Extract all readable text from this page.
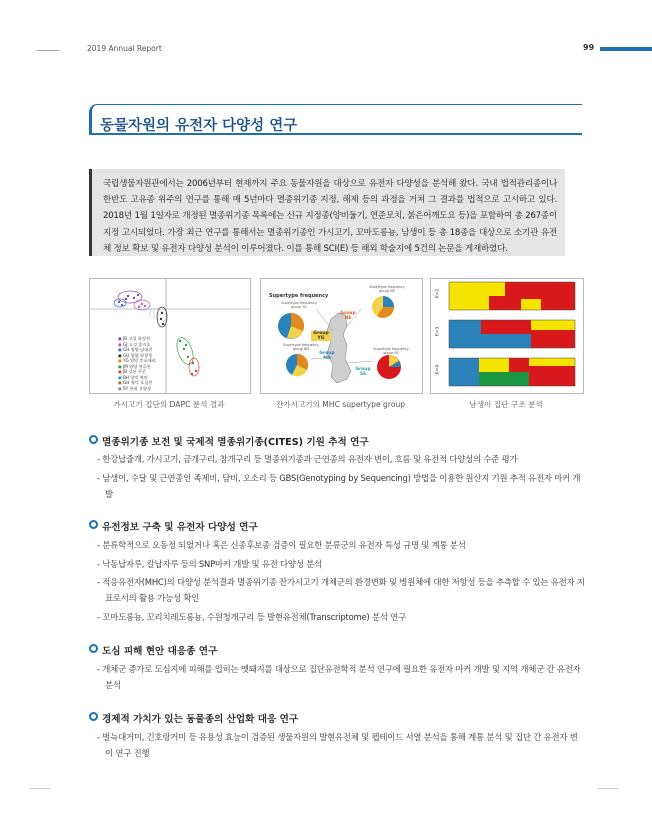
2019 Annual Report	99
동물자원의 유전자 다양성 연구
국립생물자원관에서는 2006년부터 현재까지 주요 동물자원을 대상으로 유전자 다양성을 분석해 왔다. 국내 법적관리종이나 한반도 고유종 위주의 연구를 통해 매 5년마다 멸종위기종 지정, 해제 등의 과정을 거쳐 그 결과를 법적으로 고시하고 있다. 2018년 1월 1일자로 개정된 멸종위기종 목록에는 신규 지정종(양비둘기, 연준모치, 붉은어깨도요 등)을 포함하여 총 267종이 지정 고시되었다. 가장 최근 연구를 통해서는 멸종위기종인 가시고기, 꼬마도롱뇽, 남생이 등 총 18종을 대상으로 소기관 유전체 정보 확보 및 유전자 다양성 분석이 이루어졌다. 이를 통해 SCI(E) 등 해외 학술지에 5건의 논문을 게재하였다.
● JB 고성 하정천
● GJ 고성 송지호
● GH 양양 남대천
● GU 양양 하광정
● YG 양양 후포매리
● JM 양양 연곡천
● JB 강릉 주문
● BH 양악 북악
● GH 영덕 오십천
● SY 용화 오양정
가시고기 집단의 DAPC 분석 결과
Supertype frequency
Supertype frequency group NE
Supertype frequency group YG
Supertype frequency group ND	Supertype frequency group SE
Group NE
Group YG
Group ND
Group SE
잔가시고기의 MHC supertype group
K=2
K=3
K=4
남생이 집단 구조 분석
멸종위기종 보전 및 국제적 멸종위기종(CITES) 기원 추적 연구
- 한강납줄개, 가시고기, 금개구리, 참개구리 등 멸종위기종과 근연종의 유전자 변이, 흐름 및 유전적 다양성의 수준 평가
- 남생이, 수달 및 근연종인 족제비, 담비, 오소리 등 GBS(Genotyping by Sequencing) 방법을 이용한 원산지 기원 추적 유전자 마커 개발
유전정보 구축 및 유전자 다양성 연구
- 분류학적으로 오동정 되었거나 혹은 신종후보종 검증이 필요한 분류군의 유전자 특성 규명 및 계통 분석
- 낙동납자루, 칼납자루 등의 SNP마커 개발 및 유전 다양성 분석
- 적응유전자(MHC)의 다양성 분석결과 멸종위기종 잔가시고기 개체군의 환경변화 및 병원체에 대한 저항성 등을 추측할 수 있는 유전자 지표로서의 활용 가능성 확인
- 꼬마도롱뇽, 꼬리치레도롱뇽, 수원청개구리 등 발현유전체(Transcriptome) 분석 연구
도심 피해 현안 대응종 연구
- 개체군 증가로 도심지에 피해를 입히는 멧돼지를 대상으로 집단유전학적 분석 연구에 필요한 유전자 마커 개발 및 지역 개체군 간 유전자 분석
경제적 가치가 있는 동물종의 산업화 대응 연구
- 벌늑대거미, 긴호랑거미 등 유용성 효능이 검증된 생물자원의 발현유전체 및 펩테이드 서열 분석을 통해 계통 분석 및 집단 간 유전자 변이 연구 진행
